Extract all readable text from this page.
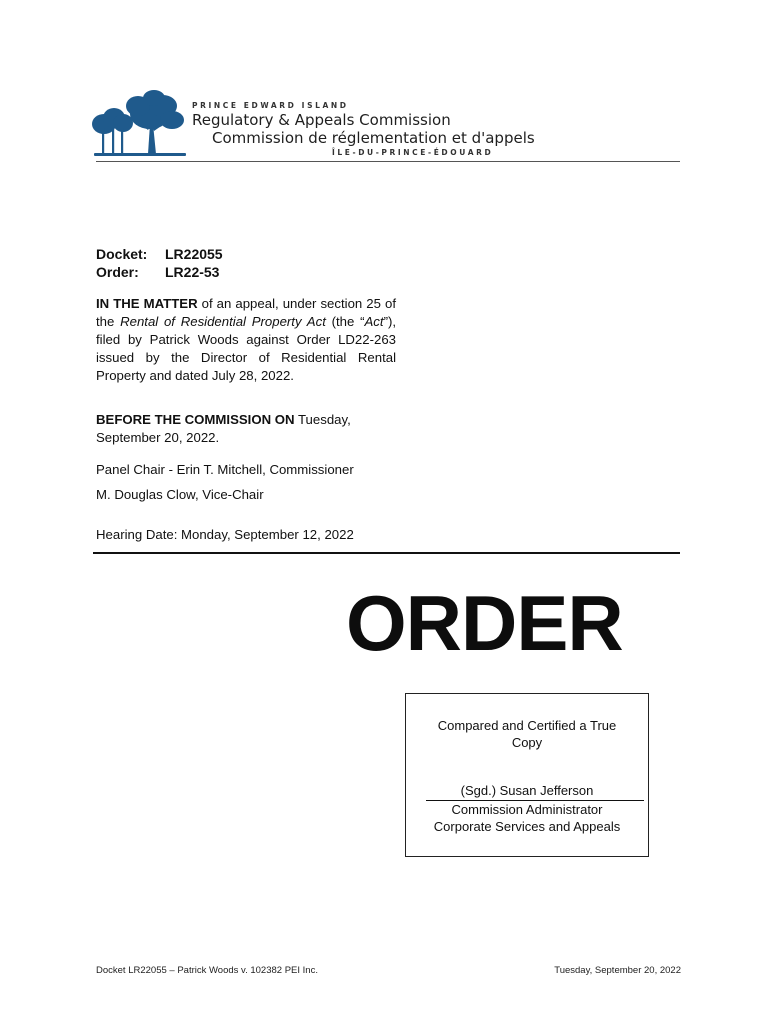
PRINCE EDWARD ISLAND
Regulatory & Appeals Commission
Commission de réglementation et d'appels
ÎLE-DU-PRINCE-ÉDOUARD
Docket: LR22055
Order: LR22-53
IN THE MATTER of an appeal, under section 25 of the Rental of Residential Property Act (the “Act”), filed by Patrick Woods against Order LD22-263 issued by the Director of Residential Rental Property and dated July 28, 2022.
BEFORE THE COMMISSION ON Tuesday, September 20, 2022.
Panel Chair - Erin T. Mitchell, Commissioner
M. Douglas Clow, Vice-Chair
Hearing Date: Monday, September 12, 2022
ORDER
Compared and Certified a True
Copy
(Sgd.) Susan Jefferson
Commission Administrator
Corporate Services and Appeals
Docket LR22055 – Patrick Woods v. 102382 PEI Inc.	Tuesday, September 20, 2022
